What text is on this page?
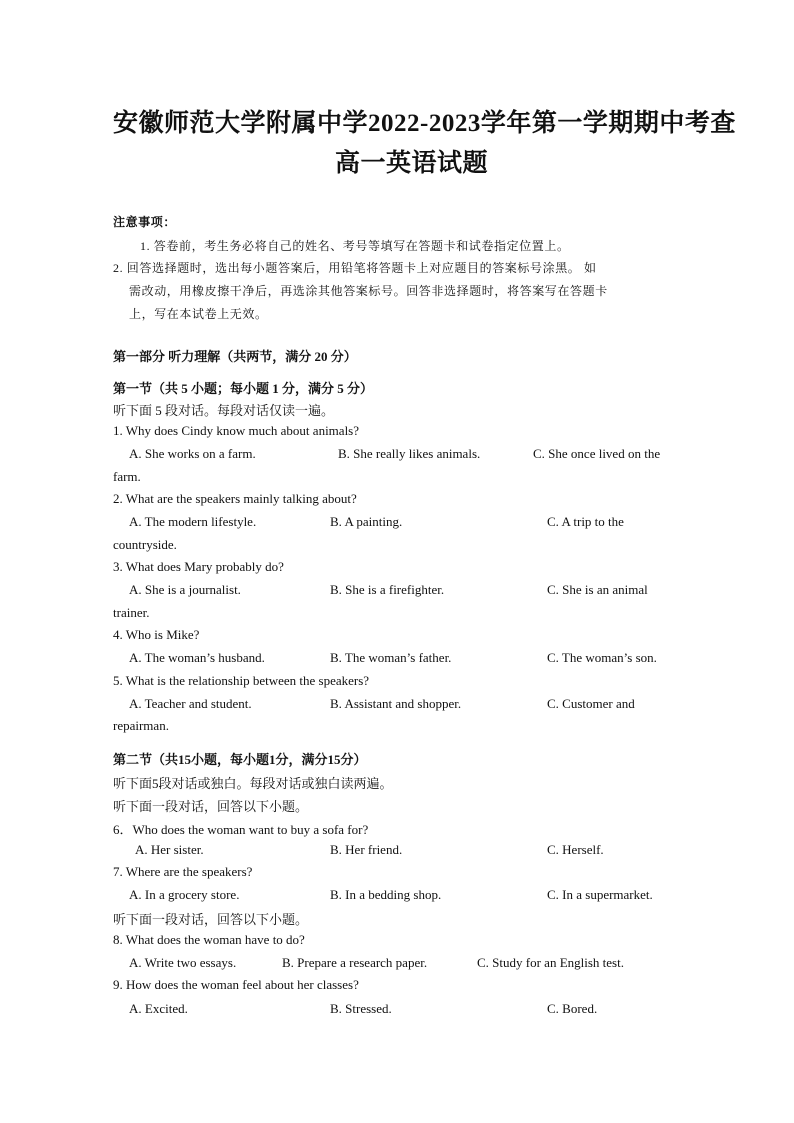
安徽师范大学附属中学2022-2023学年第一学期期中考查
高一英语试题
注意事项：
1. 答卷前，考生务必将自己的姓名、考号等填写在答题卡和试卷指定位置上。
2. 回答选择题时，选出每小题答案后，用铅笔将答题卡上对应题目的答案标号涂黑。 如
需改动，用橡皮擦干净后，再选涂其他答案标号。回答非选择题时，将答案写在答题卡
上，写在本试卷上无效。
第一部分 听力理解（共两节，满分 20 分）
第一节（共 5 小题；每小题 1 分，满分 5 分）
听下面 5 段对话。每段对话仅读一遍。
1. Why does Cindy know much about animals?
A. She works on a farm.	B. She really likes animals.	C. She once lived on the
farm.
2. What are the speakers mainly talking about?
A. The modern lifestyle.	B. A painting.	C. A trip to the
countryside.
3. What does Mary probably do?
A. She is a journalist.	B. She is a firefighter.	C. She is an animal
trainer.
4. Who is Mike?
A. The woman’s husband.	B. The woman’s father.	C. The woman’s son.
5. What is the relationship between the speakers?
A. Teacher and student.	B. Assistant and shopper.	C. Customer and
repairman.
第二节（共15小题，每小题1分，满分15分）
听下面5段对话或独白。每段对话或独白读两遍。
听下面一段对话，回答以下小题。
6．Who does the woman want to buy a sofa for?
A. Her sister.	B. Her friend.	C. Herself.
7. Where are the speakers?
A. In a grocery store.	B. In a bedding shop.	C. In a supermarket.
听下面一段对话，回答以下小题。
8. What does the woman have to do?
A. Write two essays.	B. Prepare a research paper.	C. Study for an English test.
9. How does the woman feel about her classes?
A. Excited.	B. Stressed.	C. Bored.
